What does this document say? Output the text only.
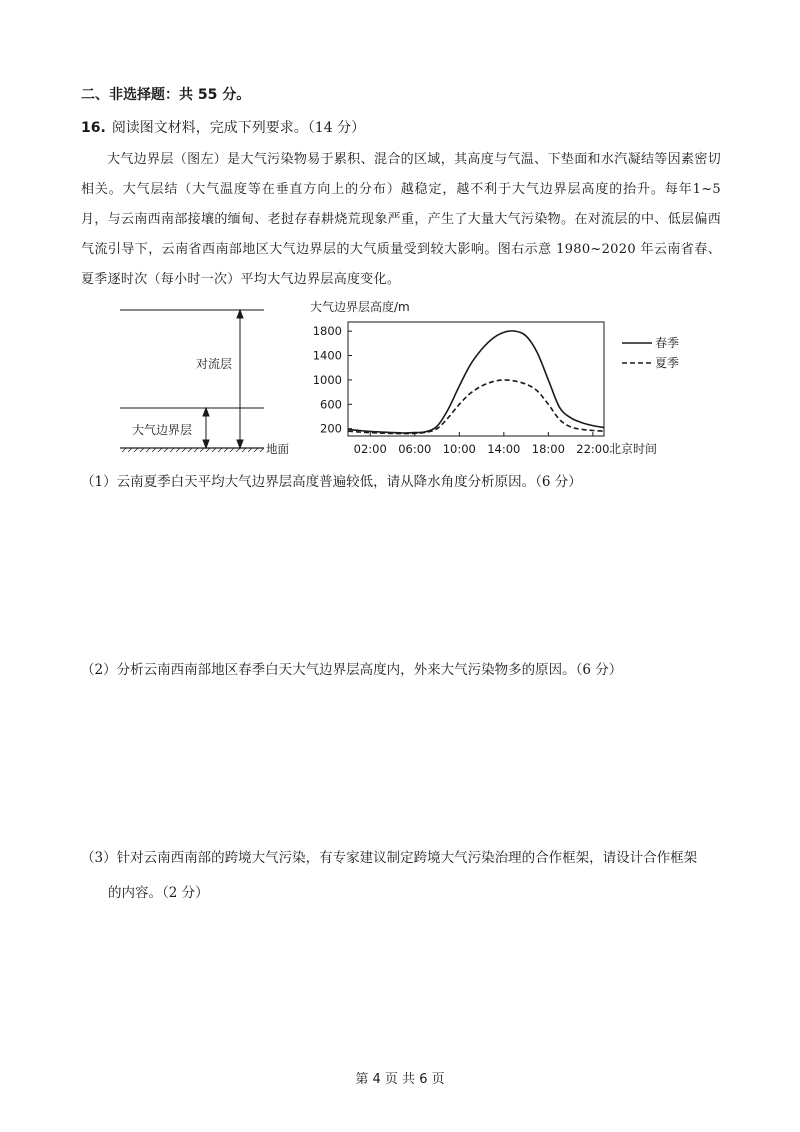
二、非选择题：共 55 分。
16. 阅读图文材料，完成下列要求。（14 分）
大气边界层（图左）是大气污染物易于累积、混合的区域，其高度与气温、下垫面和水汽凝结等因素密切相关。大气层结（大气温度等在垂直方向上的分布）越稳定，越不利于大气边界层高度的抬升。每年1~5月，与云南西南部接壤的缅甸、老挝存春耕烧荒现象严重，产生了大量大气污染物。在对流层的中、低层偏西气流引导下，云南省西南部地区大气边界层的大气质量受到较大影响。图右示意 1980~2020 年云南省春、夏季逐时次（每小时一次）平均大气边界层高度变化。
对流层
大气边界层
地面
大气边界层高度/m
200
600
1000
1400
1800
02:00 06:00 10:00 14:00 18:00 22:00 北京时间
春季
夏季
（1）云南夏季白天平均大气边界层高度普遍较低，请从降水角度分析原因。（6 分）
（2）分析云南西南部地区春季白天大气边界层高度内，外来大气污染物多的原因。（6 分）
（3）针对云南西南部的跨境大气污染，有专家建议制定跨境大气污染治理的合作框架，请设计合作框架
的内容。（2 分）
第 4 页 共 6 页
